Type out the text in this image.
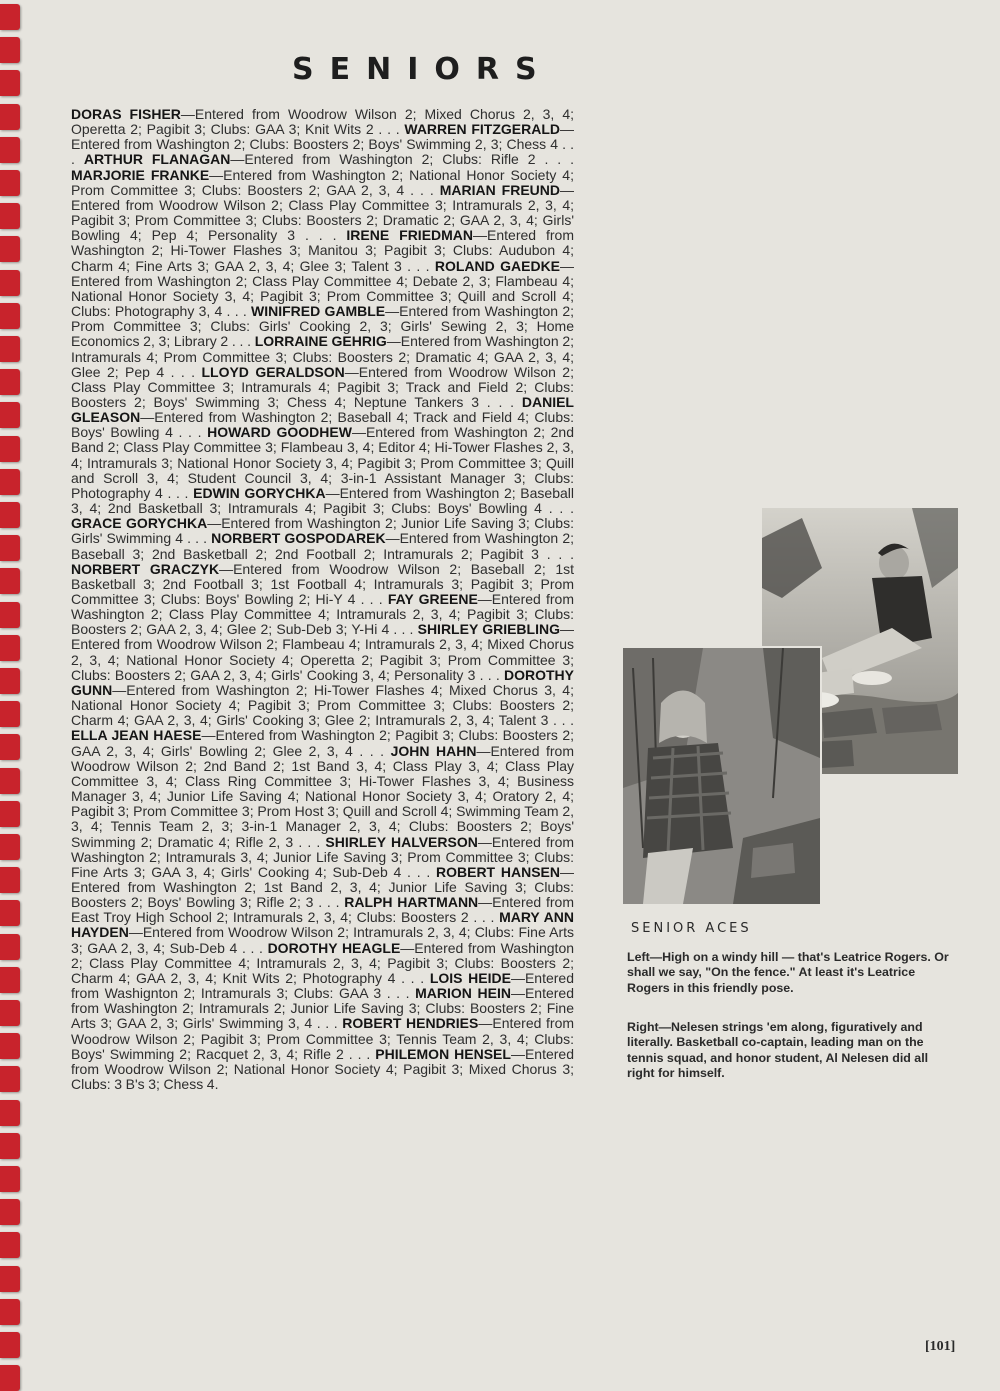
SENIORS
DORAS FISHER—Entered from Woodrow Wilson 2; Mixed Chorus 2, 3, 4; Operetta 2; Pagibit 3; Clubs: GAA 3; Knit Wits 2 . . . WARREN FITZGERALD—Entered from Washington 2; Clubs: Boosters 2; Boys' Swimming 2, 3; Chess 4 . . . ARTHUR FLANAGAN—Entered from Washington 2; Clubs: Rifle 2 . . . MARJORIE FRANKE—Entered from Washington 2; National Honor Society 4; Prom Committee 3; Clubs: Boosters 2; GAA 2, 3, 4 . . . MARIAN FREUND—Entered from Woodrow Wilson 2; Class Play Committee 3; Intramurals 2, 3, 4; Pagibit 3; Prom Committee 3; Clubs: Boosters 2; Dramatic 2; GAA 2, 3, 4; Girls' Bowling 4; Pep 4; Personality 3 . . . IRENE FRIEDMAN—Entered from Washington 2; Hi-Tower Flashes 3; Manitou 3; Pagibit 3; Clubs: Audubon 4; Charm 4; Fine Arts 3; GAA 2, 3, 4; Glee 3; Talent 3 . . . ROLAND GAEDKE—Entered from Washington 2; Class Play Committee 4; Debate 2, 3; Flambeau 4; National Honor Society 3, 4; Pagibit 3; Prom Committee 3; Quill and Scroll 4; Clubs: Photography 3, 4 . . . WINIFRED GAMBLE—Entered from Washington 2; Prom Committee 3; Clubs: Girls' Cooking 2, 3; Girls' Sewing 2, 3; Home Economics 2, 3; Library 2 . . . LORRAINE GEHRIG—Entered from Washington 2; Intramurals 4; Prom Committee 3; Clubs: Boosters 2; Dramatic 4; GAA 2, 3, 4; Glee 2; Pep 4 . . . LLOYD GERALDSON—Entered from Woodrow Wilson 2; Class Play Committee 3; Intramurals 4; Pagibit 3; Track and Field 2; Clubs: Boosters 2; Boys' Swimming 3; Chess 4; Neptune Tankers 3 . . . DANIEL GLEASON—Entered from Washington 2; Baseball 4; Track and Field 4; Clubs: Boys' Bowling 4 . . . HOWARD GOODHEW—Entered from Washington 2; 2nd Band 2; Class Play Committee 3; Flambeau 3, 4; Editor 4; Hi-Tower Flashes 2, 3, 4; Intramurals 3; National Honor Society 3, 4; Pagibit 3; Prom Committee 3; Quill and Scroll 3, 4; Student Council 3, 4; 3-in-1 Assistant Manager 3; Clubs: Photography 4 . . . EDWIN GORYCHKA—Entered from Washington 2; Baseball 3, 4; 2nd Basketball 3; Intramurals 4; Pagibit 3; Clubs: Boys' Bowling 4 . . . GRACE GORYCHKA—Entered from Washington 2; Junior Life Saving 3; Clubs: Girls' Swimming 4 . . . NORBERT GOSPODAREK—Entered from Washington 2; Baseball 3; 2nd Basketball 2; 2nd Football 2; Intramurals 2; Pagibit 3 . . . NORBERT GRACZYK—Entered from Woodrow Wilson 2; Baseball 2; 1st Basketball 3; 2nd Football 3; 1st Football 4; Intramurals 3; Pagibit 3; Prom Committee 3; Clubs: Boys' Bowling 2; Hi-Y 4 . . . FAY GREENE—Entered from Washington 2; Class Play Committee 4; Intramurals 2, 3, 4; Pagibit 3; Clubs: Boosters 2; GAA 2, 3, 4; Glee 2; Sub-Deb 3; Y-Hi 4 . . . SHIRLEY GRIEBLING—Entered from Woodrow Wilson 2; Flambeau 4; Intramurals 2, 3, 4; Mixed Chorus 2, 3, 4; National Honor Society 4; Operetta 2; Pagibit 3; Prom Committee 3; Clubs: Boosters 2; GAA 2, 3, 4; Girls' Cooking 3, 4; Personality 3 . . . DOROTHY GUNN—Entered from Washington 2; Hi-Tower Flashes 4; Mixed Chorus 3, 4; National Honor Society 4; Pagibit 3; Prom Committee 3; Clubs: Boosters 2; Charm 4; GAA 2, 3, 4; Girls' Cooking 3; Glee 2; Intramurals 2, 3, 4; Talent 3 . . . ELLA JEAN HAESE—Entered from Washington 2; Pagibit 3; Clubs: Boosters 2; GAA 2, 3, 4; Girls' Bowling 2; Glee 2, 3, 4 . . . JOHN HAHN—Entered from Woodrow Wilson 2; 2nd Band 2; 1st Band 3, 4; Class Play 3, 4; Class Play Committee 3, 4; Class Ring Committee 3; Hi-Tower Flashes 3, 4; Business Manager 3, 4; Junior Life Saving 4; National Honor Society 3, 4; Oratory 2, 4; Pagibit 3; Prom Committee 3; Prom Host 3; Quill and Scroll 4; Swimming Team 2, 3, 4; Tennis Team 2, 3; 3-in-1 Manager 2, 3, 4; Clubs: Boosters 2; Boys' Swimming 2; Dramatic 4; Rifle 2, 3 . . . SHIRLEY HALVERSON—Entered from Washington 2; Intramurals 3, 4; Junior Life Saving 3; Prom Committee 3; Clubs: Fine Arts 3; GAA 3, 4; Girls' Cooking 4; Sub-Deb 4 . . . ROBERT HANSEN—Entered from Washington 2; 1st Band 2, 3, 4; Junior Life Saving 3; Clubs: Boosters 2; Boys' Bowling 3; Rifle 2; 3 . . . RALPH HARTMANN—Entered from East Troy High School 2; Intramurals 2, 3, 4; Clubs: Boosters 2 . . . MARY ANN HAYDEN—Entered from Woodrow Wilson 2; Intramurals 2, 3, 4; Clubs: Fine Arts 3; GAA 2, 3, 4; Sub-Deb 4 . . . DOROTHY HEAGLE—Entered from Washington 2; Class Play Committee 4; Intramurals 2, 3, 4; Pagibit 3; Clubs: Boosters 2; Charm 4; GAA 2, 3, 4; Knit Wits 2; Photography 4 . . . LOIS HEIDE—Entered from Washignton 2; Intramurals 3; Clubs: GAA 3 . . . MARION HEIN—Entered from Washington 2; Intramurals 2; Junior Life Saving 3; Clubs: Boosters 2; Fine Arts 3; GAA 2, 3; Girls' Swimming 3, 4 . . . ROBERT HENDRIES—Entered from Woodrow Wilson 2; Pagibit 3; Prom Committee 3; Tennis Team 2, 3, 4; Clubs: Boys' Swimming 2; Racquet 2, 3, 4; Rifle 2 . . . PHILEMON HENSEL—Entered from Woodrow Wilson 2; National Honor Society 4; Pagibit 3; Mixed Chorus 3; Clubs: 3 B's 3; Chess 4.
SENIOR ACES
Left—High on a windy hill — that's Leatrice Rogers. Or shall we say, "On the fence." At least it's Leatrice Rogers in this friendly pose.
Right—Nelesen strings 'em along, figuratively and literally. Basketball co-captain, leading man on the tennis squad, and honor student, Al Nelesen did all right for himself.
[101]
